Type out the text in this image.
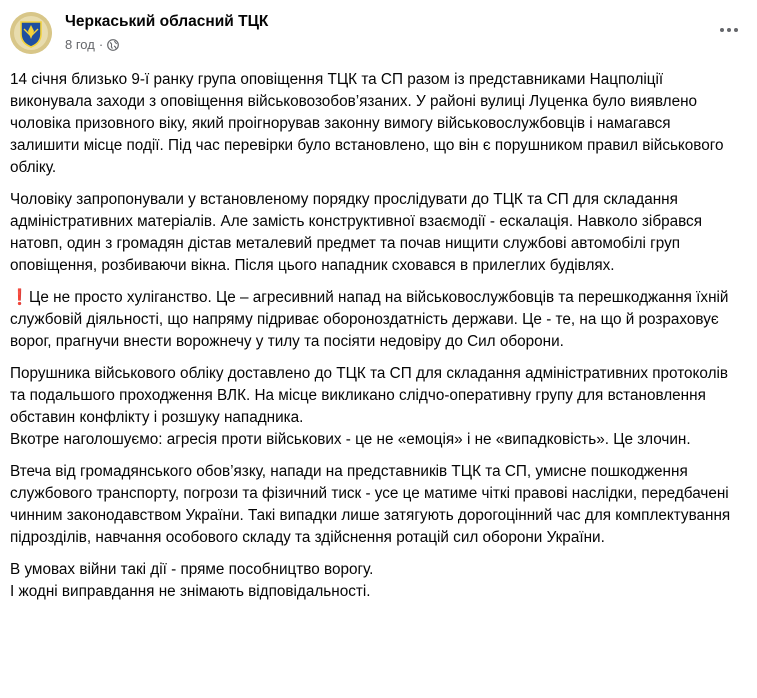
Черкаський обласний ТЦК
8 год ·

14 січня близько 9-ї ранку група оповіщення ТЦК та СП разом із представниками Нацполіції виконувала заходи з оповіщення військовозобов’язаних. У районі вулиці Луценка було виявлено чоловіка призовного віку, який проігнорував законну вимогу військовослужбовців і намагався залишити місце події. Під час перевірки було встановлено, що він є порушником правил військового обліку.

Чоловіку запропонували у встановленому порядку прослідувати до ТЦК та СП для складання адміністративних матеріалів. Але замість конструктивної взаємодії - ескалація. Навколо зібрався натовп, один з громадян дістав металевий предмет та почав нищити службові автомобілі груп оповіщення, розбиваючи вікна. Після цього нападник сховався в прилеглих будівлях.

❗Це не просто хуліганство. Це – агресивний напад на військовослужбовців та перешкоджання їхній службовій діяльності, що напряму підриває обороноздатність держави. Це - те, на що й розраховує ворог, прагнучи внести ворожнечу у тилу та посіяти недовіру до Сил оборони.

Порушника військового обліку доставлено до ТЦК та СП для складання адміністративних протоколів та подальшого проходження ВЛК. На місце викликано слідчо-оперативну групу для встановлення обставин конфлікту і розшуку нападника.

Вкотре наголошуємо: агресія проти військових - це не «емоція» і не «випадковість». Це злочин.

Втеча від громадянського обов’язку, напади на представників ТЦК та СП, умисне пошкодження службового транспорту, погрози та фізичний тиск - усе це матиме чіткі правові наслідки, передбачені чинним законодавством України. Такі випадки лише затягують дорогоцінний час для комплектування підрозділів, навчання особового складу та здійснення ротацій сил оборони України.

В умовах війни такі дії - пряме пособництво ворогу.

І жодні виправдання не знімають відповідальності.
